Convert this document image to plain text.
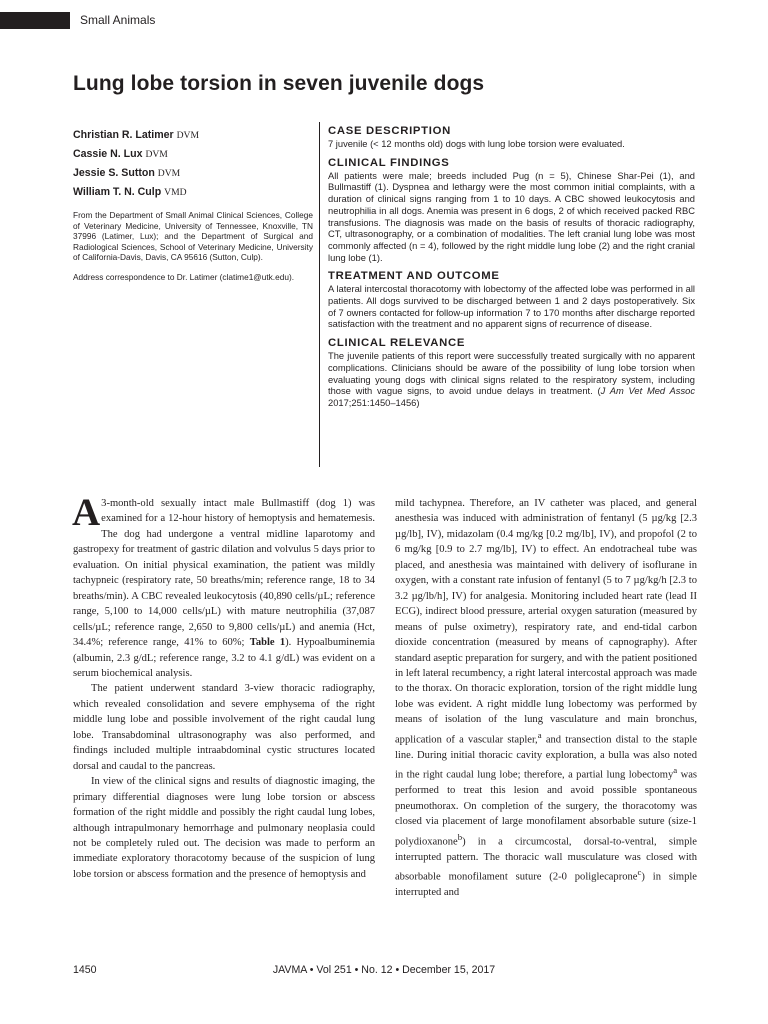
Small Animals
Lung lobe torsion in seven juvenile dogs
Christian R. Latimer DVM
Cassie N. Lux DVM
Jessie S. Sutton DVM
William T. N. Culp VMD
From the Department of Small Animal Clinical Sciences, College of Veterinary Medicine, University of Tennessee, Knoxville, TN 37996 (Latimer, Lux); and the Department of Surgical and Radiological Sciences, School of Veterinary Medicine, University of California-Davis, Davis, CA 95616 (Sutton, Culp).
Address correspondence to Dr. Latimer (clatime1@utk.edu).
CASE DESCRIPTION

7 juvenile (< 12 months old) dogs with lung lobe torsion were evaluated.

CLINICAL FINDINGS

All patients were male; breeds included Pug (n = 5), Chinese Shar-Pei (1), and Bullmastiff (1). Dyspnea and lethargy were the most common initial complaints, with a duration of clinical signs ranging from 1 to 10 days. A CBC showed leukocytosis and neutrophilia in all dogs. Anemia was present in 6 dogs, 2 of which received packed RBC transfusions. The diagnosis was made on the basis of results of thoracic radiography, CT, ultrasonography, or a combination of modalities. The left cranial lung lobe was most commonly affected (n = 4), followed by the right middle lung lobe (2) and the right cranial lung lobe (1).

TREATMENT AND OUTCOME

A lateral intercostal thoracotomy with lobectomy of the affected lobe was performed in all patients. All dogs survived to be discharged between 1 and 2 days postoperatively. Six of 7 owners contacted for follow-up information 7 to 170 months after discharge reported satisfaction with the treatment and no apparent signs of recurrence of disease.

CLINICAL RELEVANCE

The juvenile patients of this report were successfully treated surgically with no apparent complications. Clinicians should be aware of the possibility of lung lobe torsion when evaluating young dogs with clinical signs related to the respiratory system, including those with vague signs, to avoid undue delays in treatment. (J Am Vet Med Assoc 2017;251:1450–1456)

A 3-month-old sexually intact male Bullmastiff (dog 1) was examined for a 12-hour history of hemoptysis and hematemesis. The dog had undergone a ventral midline laparotomy and gastropexy for treatment of gastric dilation and volvulus 5 days prior to evaluation. On initial physical examination, the patient was mildly tachypneic (respiratory rate, 50 breaths/min; reference range, 18 to 34 breaths/min). A CBC revealed leukocytosis (40,890 cells/µL; reference range, 5,100 to 14,000 cells/µL) with mature neutrophilia (37,087 cells/µL; reference range, 2,650 to 9,800 cells/µL) and anemia (Hct, 34.4%; reference range, 41% to 60%; Table 1). Hypoalbuminemia (albumin, 2.3 g/dL; reference range, 3.2 to 4.1 g/dL) was evident on a serum biochemical analysis.

The patient underwent standard 3-view thoracic radiography, which revealed consolidation and severe emphysema of the right middle lung lobe and possible involvement of the right caudal lung lobe. Transabdominal ultrasonography was also performed, and findings included multiple intraabdominal cystic structures located dorsal and caudal to the pancreas.

In view of the clinical signs and results of diagnostic imaging, the primary differential diagnoses were lung lobe torsion or abscess formation of the right middle and possibly the right caudal lung lobes, although intrapulmonary hemorrhage and pulmonary neoplasia could not be completely ruled out. The decision was made to perform an immediate exploratory thoracotomy because of the suspicion of lung lobe torsion or abscess formation and the presence of hemoptysis and

mild tachypnea. Therefore, an IV catheter was placed, and general anesthesia was induced with administration of fentanyl (5 µg/kg [2.3 µg/lb], IV), midazolam (0.4 mg/kg [0.2 mg/lb], IV), and propofol (2 to 6 mg/kg [0.9 to 2.7 mg/lb], IV) to effect. An endotracheal tube was placed, and anesthesia was maintained with delivery of isoflurane in oxygen, with a constant rate infusion of fentanyl (5 to 7 µg/kg/h [2.3 to 3.2 µg/lb/h], IV) for analgesia. Monitoring included heart rate (lead II ECG), indirect blood pressure, arterial oxygen saturation (measured by means of pulse oximetry), respiratory rate, and end-tidal carbon dioxide concentration (measured by means of capnography). After standard aseptic preparation for surgery, and with the patient positioned in left lateral recumbency, a right lateral intercostal approach was made to the thorax. On thoracic exploration, torsion of the right middle lung lobe was evident. A right middle lung lobectomy was performed by means of isolation of the lung vasculature and main bronchus, application of a vascular stapler,$^a$ and transection distal to the staple line. During initial thoracic cavity exploration, a bulla was also noted in the right caudal lung lobe; therefore, a partial lung lobectomy$^a$ was performed to treat this lesion and avoid possible spontaneous pneumothorax. On completion of the surgery, the thoracotomy was closed via placement of large monofilament absorbable suture (size-1 polydioxanone$^b$) in a circumcostal, dorsal-to-ventral, simple interrupted pattern. The thoracic wall musculature was closed with absorbable monofilament suture (2-0 poliglecaprone$^c$) in simple interrupted and

1450	JAVMA • Vol 251 • No. 12 • December 15, 2017
